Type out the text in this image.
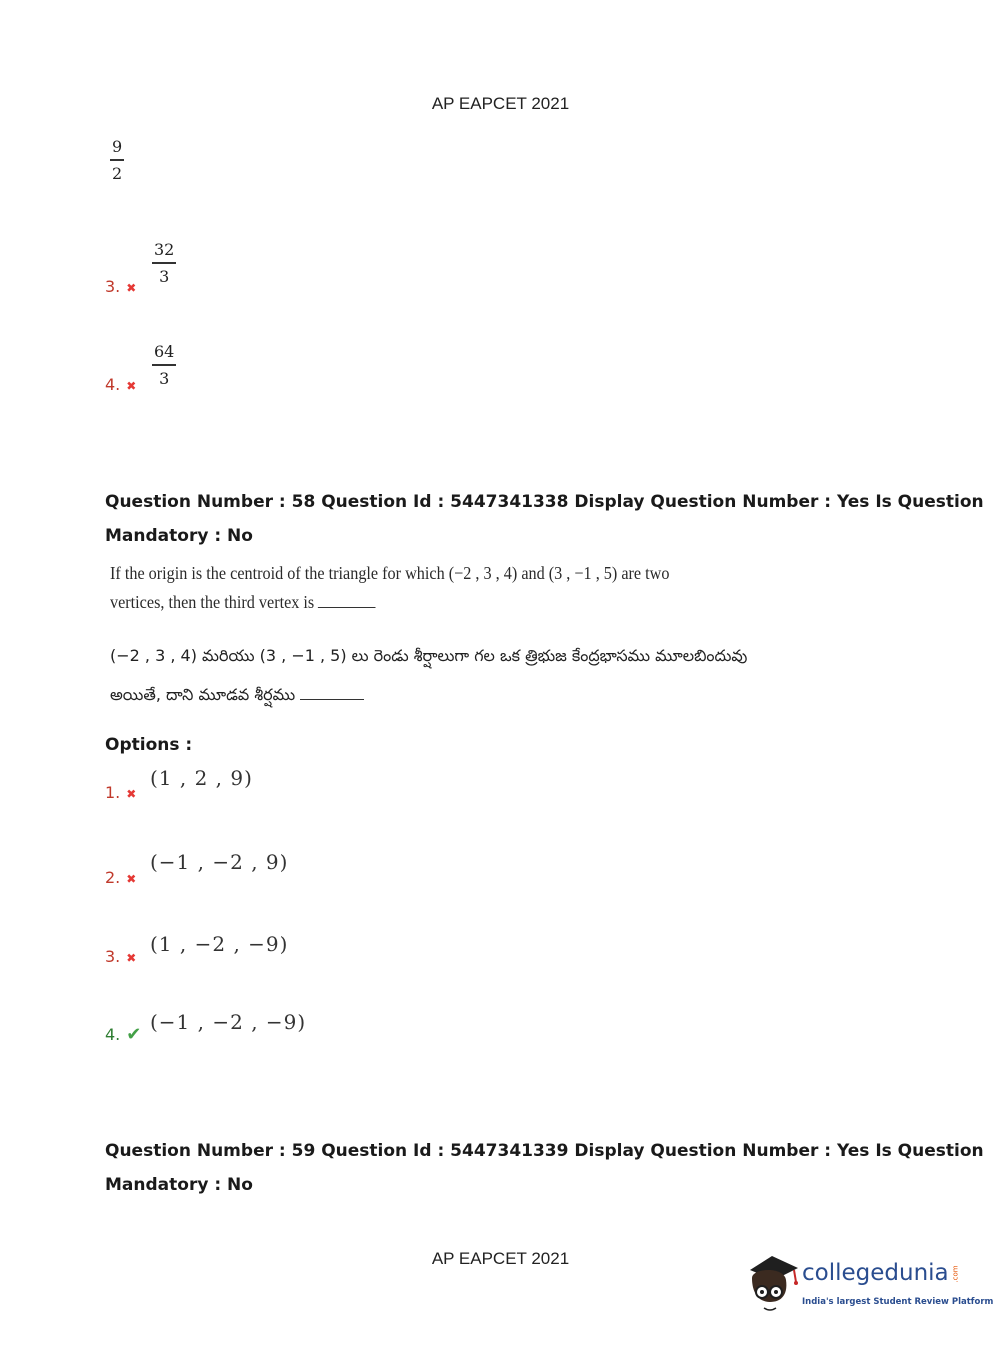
AP EAPCET 2021
9
2
3. ✖
32
3
4. ✖
64
3
Question Number : 58 Question Id : 5447341338 Display Question Number : Yes Is Question
Mandatory : No
If the origin is the centroid of the triangle for which (−2 , 3 , 4) and (3 , −1 , 5) are two
vertices, then the third vertex is
(−2 , 3 , 4) మరియు (3 , −1 , 5) లు రెండు శీర్షాలుగా గల ఒక త్రిభుజ కేంద్రభాసము మూలబిందువు
అయితే, దాని మూడవ శీర్షము
Options :
1. ✖
(1 , 2 , 9)
2. ✖
(−1 , −2 , 9)
3. ✖
(1 , −2 , −9)
4. ✔
(−1 , −2 , −9)
Question Number : 59 Question Id : 5447341339 Display Question Number : Yes Is Question
Mandatory : No
AP EAPCET 2021
collegedunia .com
India's largest Student Review Platform
